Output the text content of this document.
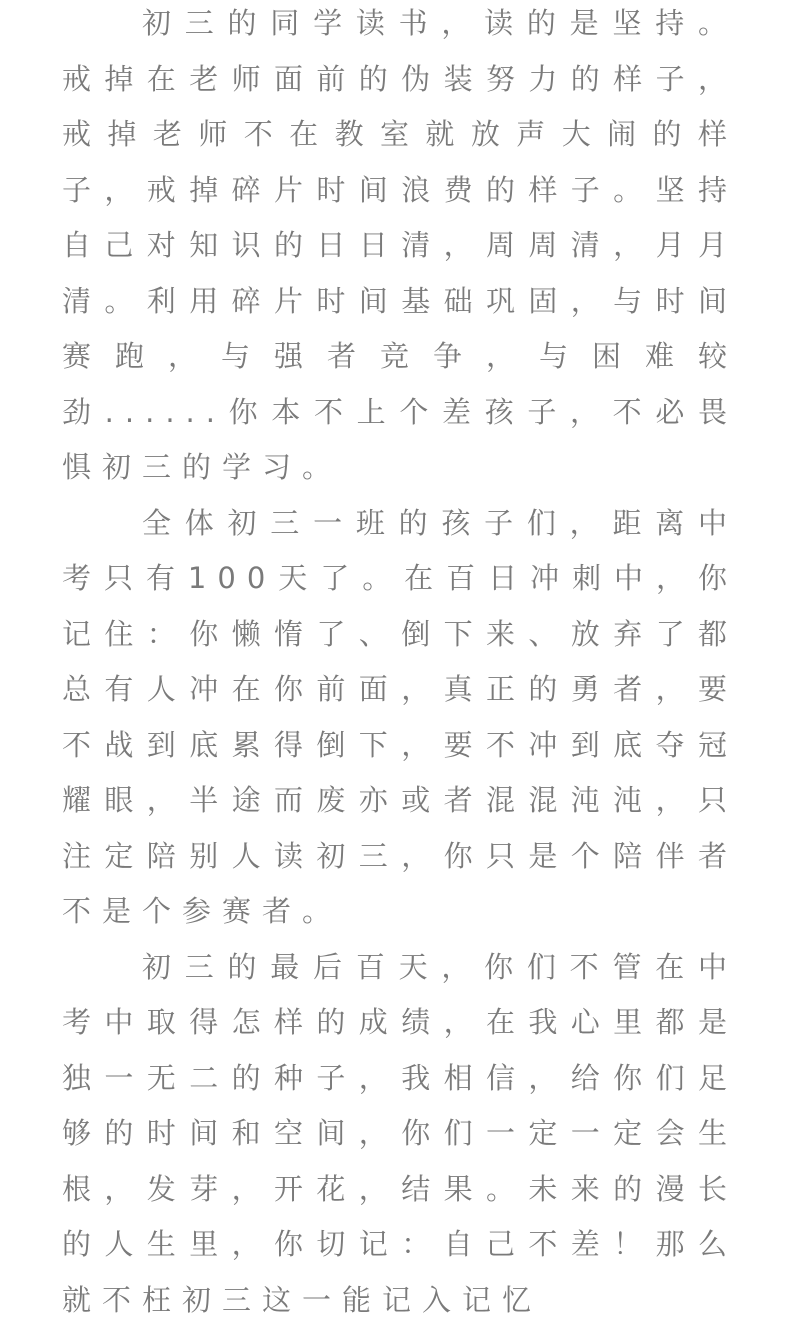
初三的同学读书，读的是坚持。戒掉在老师面前的伪装努力的样子，戒掉老师不在教室就放声大闹的样子，戒掉碎片时间浪费的样子。坚持自己对知识的日日清，周周清，月月清。利用碎片时间基础巩固，与时间赛跑，与强者竞争，与困难较劲......你本不上个差孩子，不必畏惧初三的学习。

全体初三一班的孩子们，距离中考只有100天了。在百日冲刺中，你记住：你懒惰了、倒下来、放弃了都总有人冲在你前面，真正的勇者，要不战到底累得倒下，要不冲到底夺冠耀眼，半途而废亦或者混混沌沌，只注定陪别人读初三，你只是个陪伴者不是个参赛者。

初三的最后百天，你们不管在中考中取得怎样的成绩，在我心里都是独一无二的种子，我相信，给你们足够的时间和空间，你们一定一定会生根，发芽，开花，结果。未来的漫长的人生里，你切记：自己不差！那么就不枉初三这一能记入记忆
